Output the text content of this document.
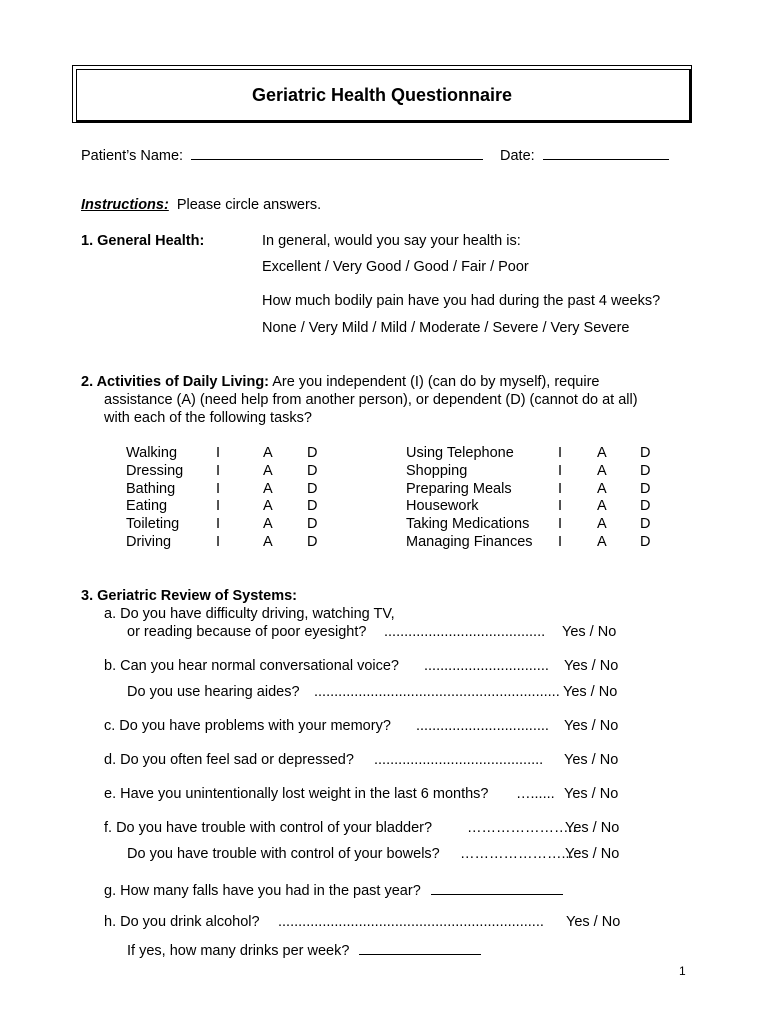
Geriatric Health Questionnaire
Patient’s Name:	Date:
Instructions: Please circle answers.
1. General Health:	In general, would you say your health is:
Excellent / Very Good / Good / Fair / Poor
How much bodily pain have you had during the past 4 weeks?
None / Very Mild / Mild / Moderate / Severe / Very Severe
2. Activities of Daily Living: Are you independent (I) (can do by myself), require
assistance (A) (need help from another person), or dependent (D) (cannot do at all)
with each of the following tasks?
Walking	I	A D
Dressing I	A D
Bathing	I	A D
Eating	I	A D
Toileting	I	A D
Driving	I	A D
Using Telephone	I A D
Shopping	I A D
Preparing Meals	I A D
Housework	I A D
Taking Medications I A D
Managing Finances I A D
3. Geriatric Review of Systems:
a. Do you have difficulty driving, watching TV,
or reading because of poor eyesight? ........................................ Yes / No
b. Can you hear normal conversational voice? ............................... Yes / No
Do you use hearing aides? ............................................................. Yes / No
c. Do you have problems with your memory? ................................. Yes / No
d. Do you often feel sad or depressed? .......................................... Yes / No
e. Have you unintentionally lost weight in the last 6 months? …...... Yes / No
f. Do you have trouble with control of your bladder? …………………..
Yes / No
Do you have trouble with control of your bowels? …………………...
Yes / No
g. How many falls have you had in the past year?
h. Do you drink alcohol? .................................................................. Yes / No
If yes, how many drinks per week?
1
